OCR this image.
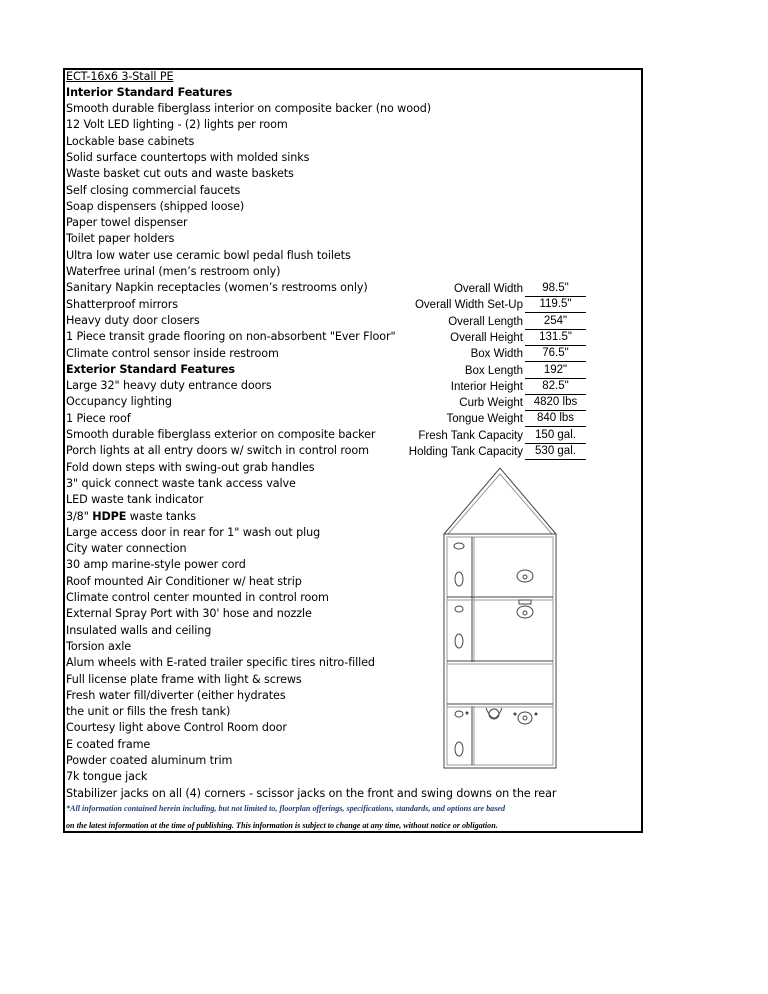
ECT-16x6 3-Stall PE
Interior Standard Features
Smooth durable fiberglass interior on composite backer (no wood)
12 Volt LED lighting - (2) lights per room
Lockable base cabinets
Solid surface countertops with molded sinks
Waste basket cut outs and waste baskets
Self closing commercial faucets
Soap dispensers (shipped loose)
Paper towel dispenser
Toilet paper holders
Ultra low water use ceramic bowl pedal flush toilets
Waterfree urinal (men’s restroom only)
Sanitary Napkin receptacles (women’s restrooms only)
Shatterproof mirrors
Heavy duty door closers
1 Piece transit grade flooring on non-absorbent "Ever Floor"
Climate control sensor inside restroom
Exterior Standard Features
Large 32" heavy duty entrance doors
Occupancy lighting
1 Piece roof
Smooth durable fiberglass exterior on composite backer
Porch lights at all entry doors w/ switch in control room
Fold down steps with swing-out grab handles
3" quick connect waste tank access valve
LED waste tank indicator
3/8" HDPE waste tanks
Large access door in rear for 1" wash out plug
City water connection
30 amp marine-style power cord
Roof mounted Air Conditioner w/ heat strip
Climate control center mounted in control room
External Spray Port with 30' hose and nozzle
Insulated walls and ceiling
Torsion axle
Alum wheels with E-rated trailer specific tires nitro-filled
Full license plate frame with light & screws
Fresh water fill/diverter (either hydrates
the unit or fills the fresh tank)
Courtesy light above Control Room door
E coated frame
Powder coated aluminum trim
7k tongue jack
Stabilizer jacks on all (4) corners - scissor jacks on the front and swing downs on the rear
*All information contained herein including, but not limited to, floorplan offerings, specifications, standards, and options are based
on the latest information at the time of publishing. This information is subject to change at any time, without notice or obligation.
Overall Width	98.5"
Overall Width Set-Up	119.5"
Overall Length	254"
Overall Height	131.5"
Box Width	76.5"
Box Length	192"
Interior Height	82.5"
Curb Weight 4820 lbs
Tongue Weight	840 lbs
Fresh Tank Capacity	150 gal.
Holding Tank Capacity	530 gal.
